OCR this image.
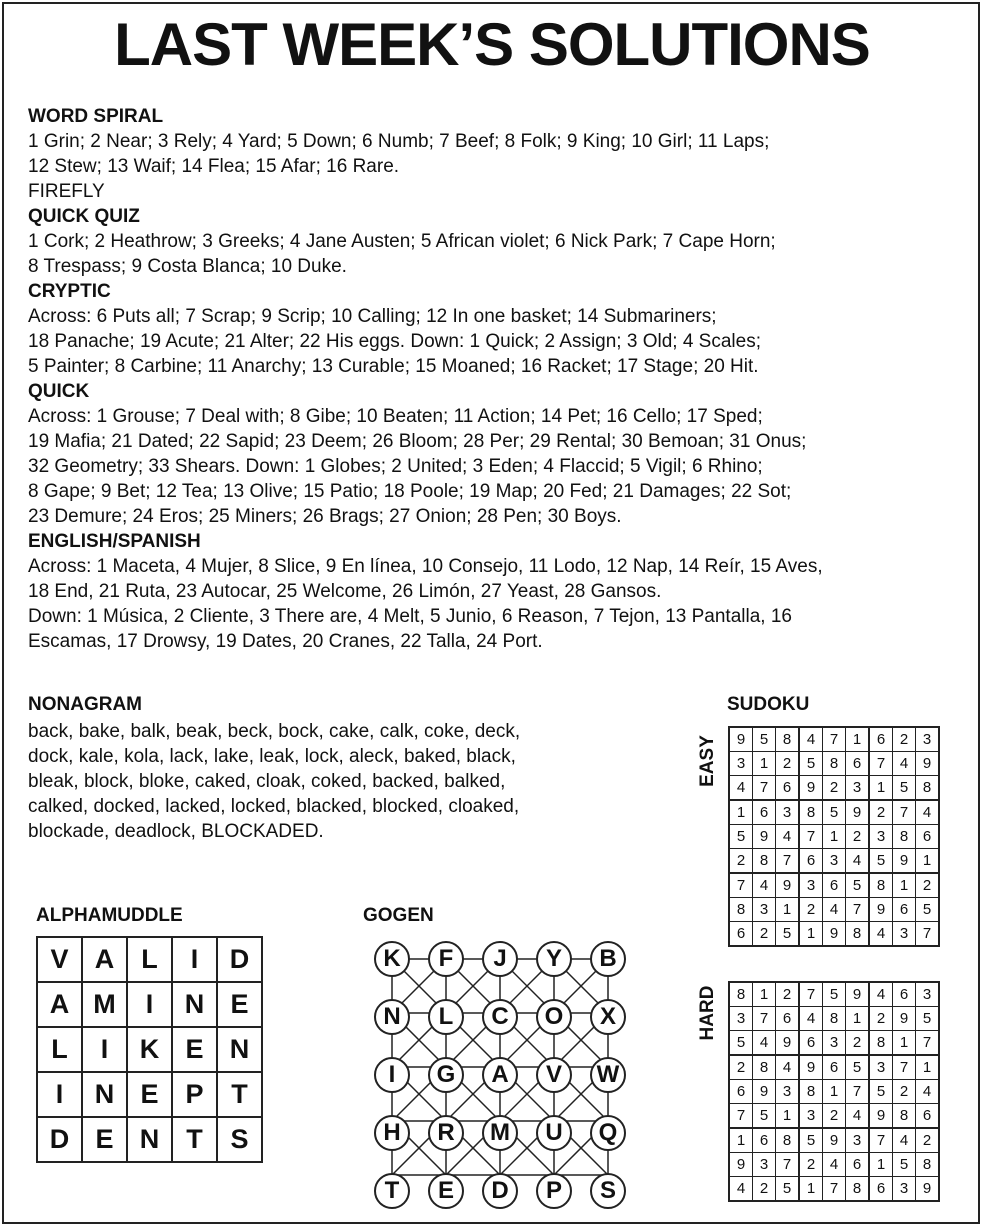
LAST WEEK’S SOLUTIONS
WORD SPIRAL
1 Grin; 2 Near; 3 Rely; 4 Yard; 5 Down; 6 Numb; 7 Beef; 8 Folk; 9 King; 10 Girl; 11 Laps;
12 Stew; 13 Waif; 14 Flea; 15 Afar; 16 Rare.
FIREFLY
QUICK QUIZ
1 Cork; 2 Heathrow; 3 Greeks; 4 Jane Austen; 5 African violet; 6 Nick Park; 7 Cape Horn;
8 Trespass; 9 Costa Blanca; 10 Duke.
CRYPTIC
Across: 6 Puts all; 7 Scrap; 9 Scrip; 10 Calling; 12 In one basket; 14 Submariners;
18 Panache; 19 Acute; 21 Alter; 22 His eggs. Down: 1 Quick; 2 Assign; 3 Old; 4 Scales;
5 Painter; 8 Carbine; 11 Anarchy; 13 Curable; 15 Moaned; 16 Racket; 17 Stage; 20 Hit.
QUICK
Across: 1 Grouse; 7 Deal with; 8 Gibe; 10 Beaten; 11 Action; 14 Pet; 16 Cello; 17 Sped;
19 Mafia; 21 Dated; 22 Sapid; 23 Deem; 26 Bloom; 28 Per; 29 Rental; 30 Bemoan; 31 Onus;
32 Geometry; 33 Shears. Down: 1 Globes; 2 United; 3 Eden; 4 Flaccid; 5 Vigil; 6 Rhino;
8 Gape; 9 Bet; 12 Tea; 13 Olive; 15 Patio; 18 Poole; 19 Map; 20 Fed; 21 Damages; 22 Sot;
23 Demure; 24 Eros; 25 Miners; 26 Brags; 27 Onion; 28 Pen; 30 Boys.
ENGLISH/SPANISH
Across: 1 Maceta, 4 Mujer, 8 Slice, 9 En línea, 10 Consejo, 11 Lodo, 12 Nap, 14 Reír, 15 Aves,
18 End, 21 Ruta, 23 Autocar, 25 Welcome, 26 Limón, 27 Yeast, 28 Gansos.
Down: 1 Música, 2 Cliente, 3 There are, 4 Melt, 5 Junio, 6 Reason, 7 Tejon, 13 Pantalla, 16
Escamas, 17 Drowsy, 19 Dates, 20 Cranes, 22 Talla, 24 Port.
NONAGRAM
back, bake, balk, beak, beck, bock, cake, calk, coke, deck,
dock, kale, kola, lack, lake, leak, lock, aleck, baked, black,
bleak, block, bloke, caked, cloak, coked, backed, balked,
calked, docked, lacked, locked, blacked, blocked, cloaked,
blockade, deadlock, BLOCKADED.
SUDOKU
EASY 9	5	8	4	7	1	6	2	3
3	1	2	5	8	6	7	4	9
4	7	6	9	2	3	1	5	8
1	6	3	8	5	9	2	7	4
5	9	4	7	1	2	3	8	6
2	8	7	6	3	4	5	9	1
7	4	9	3	6	5	8	1	2
8	3	1	2	4	7	9	6	5
6	2	5	1	9	8	4	3	7
HARD 8	1	2	7	5	9	4	6	3
3	7	6	4	8	1	2	9	5
5	4	9	6	3	2	8	1	7
2	8	4	9	6	5	3	7	1
6	9	3	8	1	7	5	2	4
7	5	1	3	2	4	9	8	6
1	6	8	5	9	3	7	4	2
9	3	7	2	4	6	1	5	8
4	2	5	1	7	8	6	3	9
ALPHAMUDDLE
V	A	L	I	D
A	M	I	N	E
L	I	K	E	N
I	N	E	P	T
D	E	N	T	S
GOGEN
K	F	J	Y	B
N	L	C	O	X
I	G	A	V	W
H	R	M	U	Q
T	E	D	P	S
